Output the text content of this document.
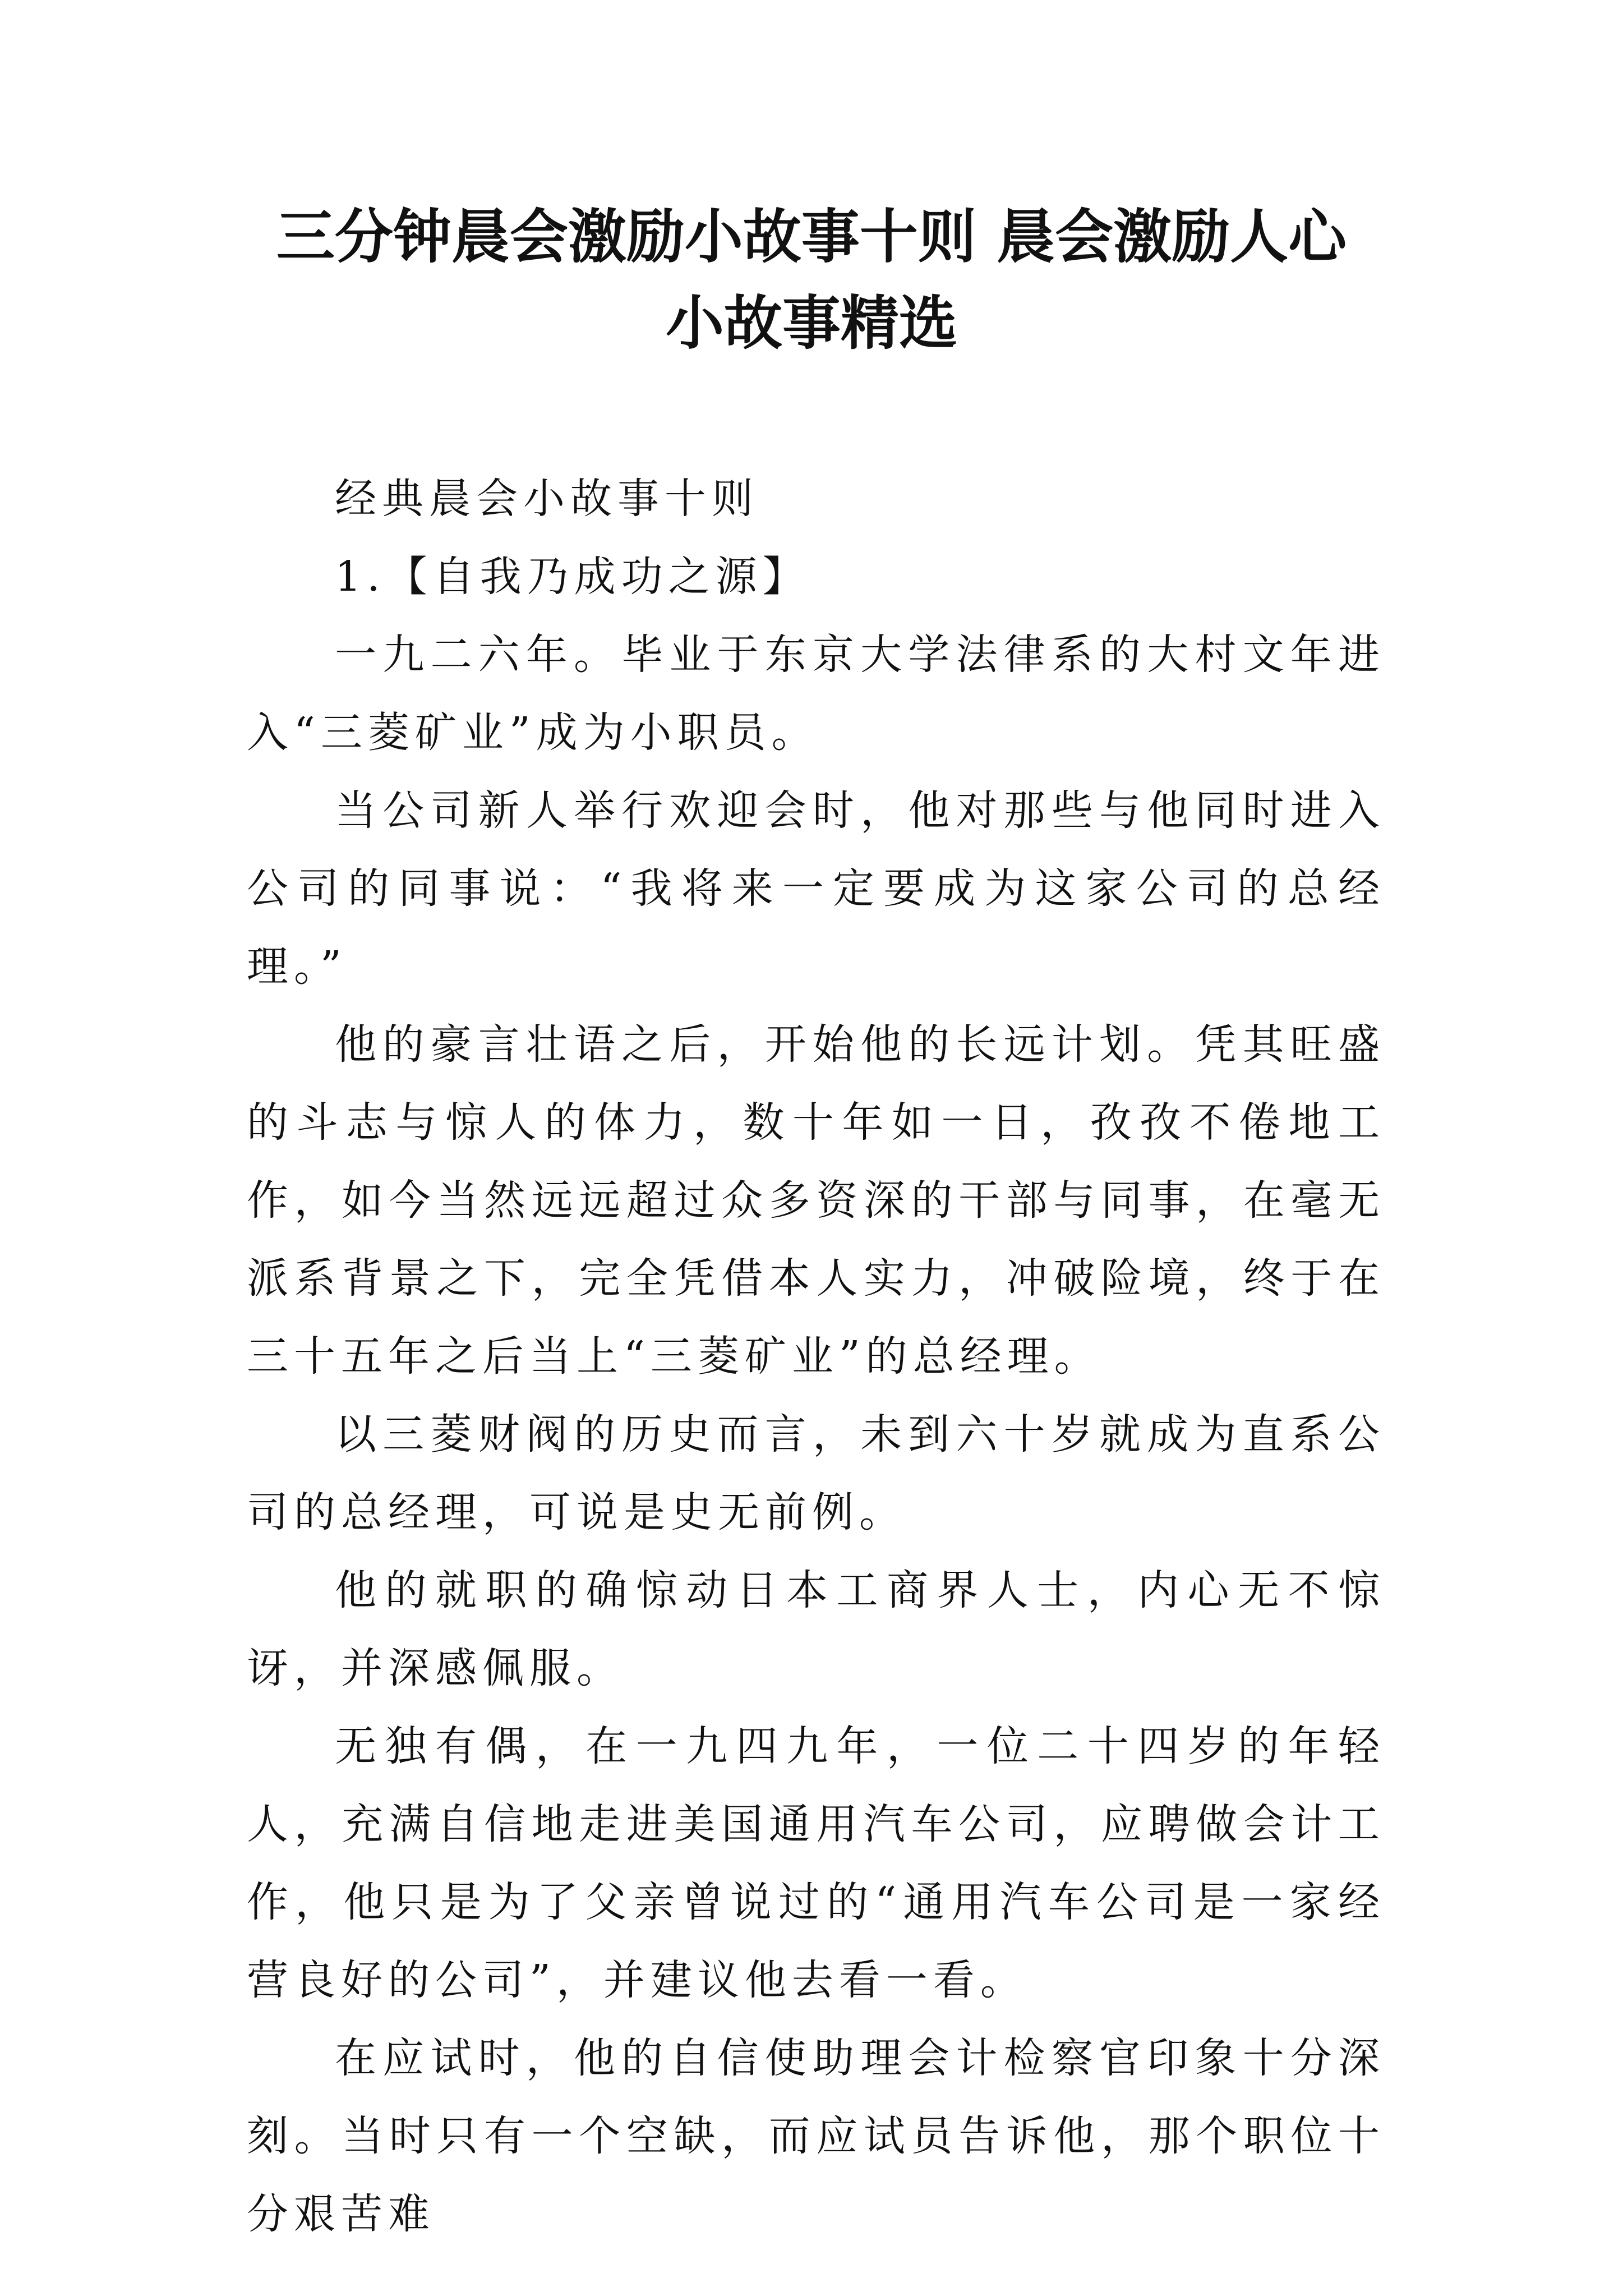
三分钟晨会激励小故事十则 晨会激励人心
小故事精选

经典晨会小故事十则

1.【自我乃成功之源】

一九二六年。毕业于东京大学法律系的大村文年进入“三菱矿业”成为小职员。

当公司新人举行欢迎会时，他对那些与他同时进入公司的同事说：“我将来一定要成为这家公司的总经理。”

他的豪言壮语之后，开始他的长远计划。凭其旺盛的斗志与惊人的体力，数十年如一日，孜孜不倦地工作，如今当然远远超过众多资深的干部与同事，在毫无派系背景之下，完全凭借本人实力，冲破险境，终于在三十五年之后当上“三菱矿业”的总经理。

以三菱财阀的历史而言，未到六十岁就成为直系公司的总经理，可说是史无前例。

他的就职的确惊动日本工商界人士，内心无不惊讶，并深感佩服。

无独有偶，在一九四九年，一位二十四岁的年轻人，充满自信地走进美国通用汽车公司，应聘做会计工作，他只是为了父亲曾说过的“通用汽车公司是一家经营良好的公司”，并建议他去看一看。

在应试时，他的自信使助理会计检察官印象十分深刻。当时只有一个空缺，而应试员告诉他，那个职位十分艰苦难
